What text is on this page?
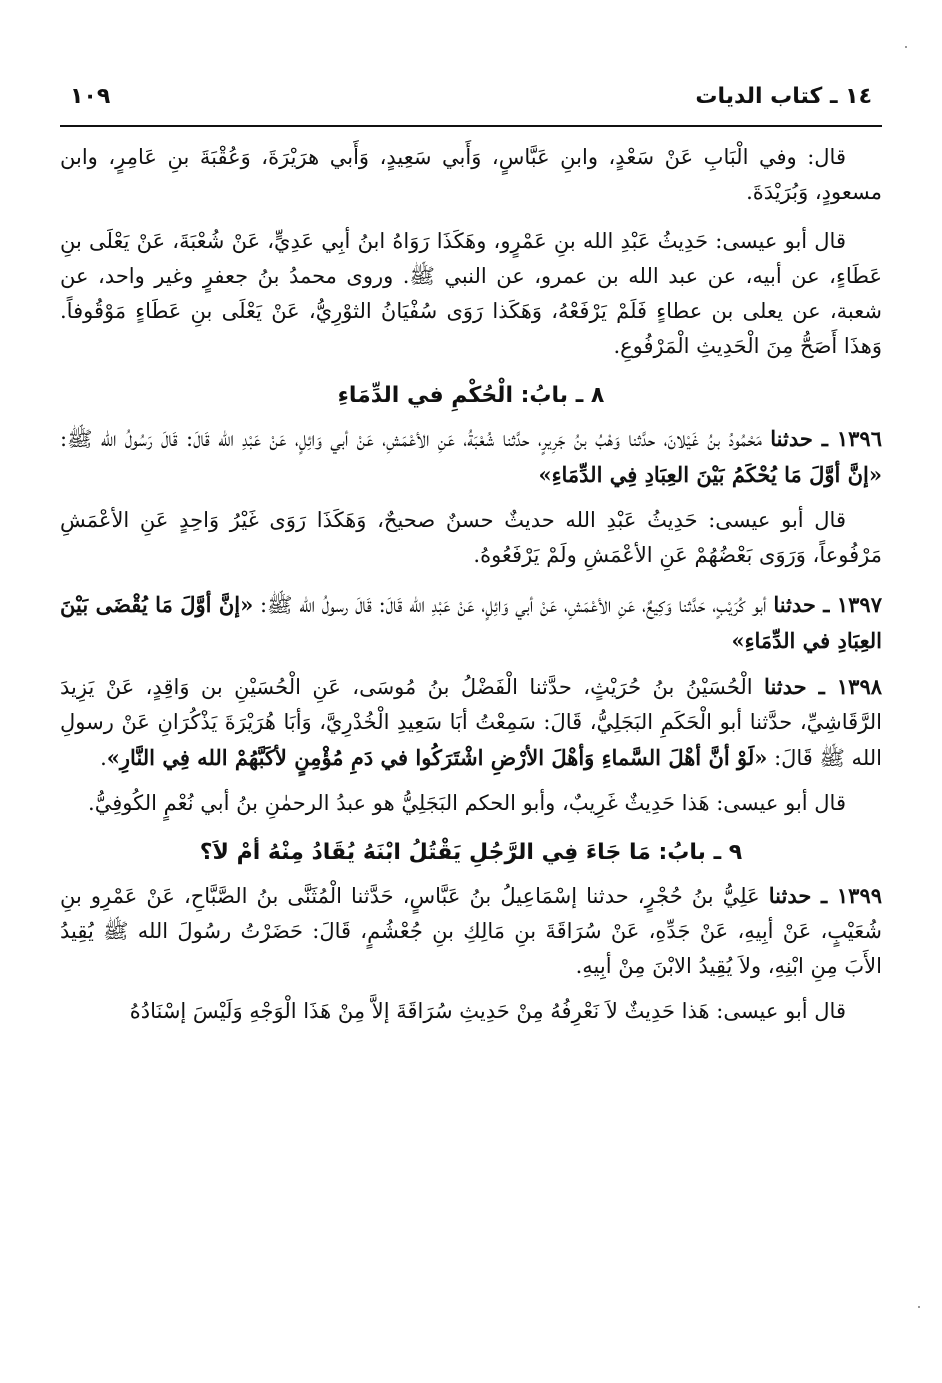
١٤ ـ كتاب الديات
١٠٩

قال: وفي الْبَابِ عَنْ سَعْدٍ، وابنِ عَبَّاسٍ، وَأَبي سَعِيدٍ، وَأَبي هرَيْرَةَ، وَعُقْبَةَ بنِ عَامِرٍ، وابن مسعودٍ، وَبُرَيْدَةَ.

قال أبو عيسى: حَدِيثُ عَبْدِ الله بنِ عَمْرٍو، وهَكَذَا رَوَاهُ ابنُ أبِي عَدِيٍّ، عَنْ شُعْبَةَ، عَنْ يَعْلَى بنِ عَطَاءٍ، عن أبيه، عن عبد الله بن عمرو، عن النبي ﷺ. وروى محمدُ بنُ جعفرٍ وغير واحد، عن شعبة، عن يعلى بن عطاءٍ فَلَمْ يَرْفَعْهُ، وَهَكَذا رَوَى سُفْيَانُ الثوْرِيُّ، عَنْ يَعْلَى بنِ عَطَاءٍ مَوْقُوفاً. وَهذَا أَصَحُّ مِنَ الْحَدِيثِ الْمَرْفُوعِ.

٨ ـ بابُ: الْحُكْمِ في الدِّمَاءِ

١٣٩٦ ـ حدثنا مَحْمُودُ بنُ غَيْلانَ، حدَّثنا وَهْبُ بنُ جَرِيرٍ، حدَّثنا شُعْبَةُ، عَنِ الأعْمَشِ، عَنْ أبي وَائِلٍ، عَنْ عَبْدِ الله قَالَ: قَالَ رَسُولُ الله ﷺ: «إنَّ أوَّلَ مَا يُحْكَمُ بَيْنَ العِبَادِ فِي الدِّمَاءِ»

قال أبو عيسى: حَدِيثُ عَبْدِ الله حديثٌ حسنٌ صحيحٌ، وَهَكَذَا رَوَى غَيْرُ وَاحِدٍ عَنِ الأعْمَشِ مَرْفُوعاً، وَرَوَى بَعْضُهُمْ عَنِ الأعْمَشِ ولَمْ يَرْفَعُوهُ.

١٣٩٧ ـ حدثنا أبو كُرَيْبٍ، حَدَّثنا وَكِيعٌ، عَنِ الأعْمَشِ، عَنْ أبي وَائِلٍ، عَنْ عَبْدِ الله قَالَ: قَالَ رسولُ الله ﷺ: «إنَّ أوَّلَ مَا يُقْضَى بَيْنَ العِبَادِ في الدِّمَاءِ»

١٣٩٨ ـ حدثنا الْحُسَيْنُ بنُ حُرَيْثٍ، حدَّثنا الْفَضْلُ بنُ مُوسَى، عَنِ الْحُسَيْنِ بن وَاقِدٍ، عَنْ يَزِيدَ الرَّقَاشِيِّ، حدَّثنا أبو الْحَكَمِ البَجَلِيُّ، قَالَ: سَمِعْتُ أبَا سَعِيدِ الْخُدْرِيَّ، وَأبَا هُرَيْرَةَ يَذْكُرَانِ عَنْ رسولِ الله ﷺ قَالَ: «لَوْ أنَّ أهْلَ السَّماءِ وَأهْلَ الأرْضِ اشْتَرَكُوا في دَمِ مُؤْمِنٍ لأكَبَّهُمْ الله فِي النَّارِ».

قال أبو عيسى: هَذا حَدِيثٌ غَرِيبٌ، وأبو الحكم البَجَلِيُّ هو عبدُ الرحمٰنِ بنُ أبي نُعْمٍ الكُوفِيُّ.

٩ ـ بابُ: مَا جَاءَ فِي الرَّجُلِ يَقْتُلُ ابْنَهُ يُقَادُ مِنْهُ أمْ لاَ؟

١٣٩٩ ـ حدثنا عَلِيُّ بنُ حُجْرٍ، حدثنا إسْمَاعِيلُ بنُ عَبَّاسٍ، حَدَّثنا الْمُثَنَّى بنُ الصَّبَّاحِ، عَنْ عَمْرِو بنِ شُعَيْبٍ، عَنْ أبِيهِ، عَنْ جَدِّهِ، عَنْ سُرَاقَةَ بنِ مَالِكِ بنِ جُعْشُمٍ، قَالَ: حَضَرْتُ رسُولَ الله ﷺ يُقِيدُ الأَبَ مِنِ ابْنِهِ، ولاَ يُقِيدُ الابْنَ مِنْ أبِيهِ.

قال أبو عيسى: هَذا حَدِيثٌ لاَ نَعْرِفُهُ مِنْ حَدِيثِ سُرَاقَةَ إلاَّ مِنْ هَذَا الْوَجْهِ وَلَيْسَ إسْنَادُهُ
